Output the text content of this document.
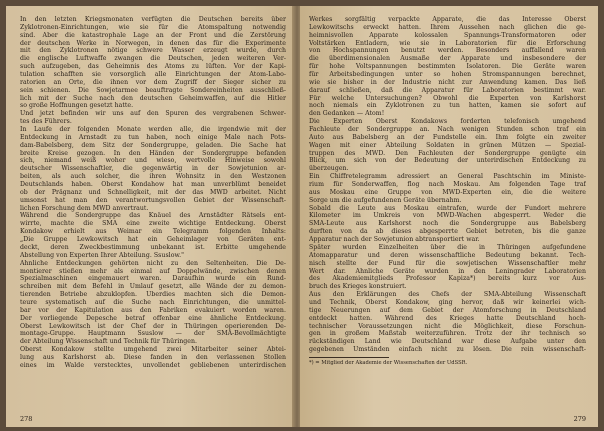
In den letzten Kriegsmonaten verfügten die Deutschen bereits über
Zyklotronen-Einrichtungen, wie sie für die Atomspaltung notwendig
sind. Aber die katastrophale Lage an der Front und die Zerstörung
der deutschen Werke in Norwegen, in denen das für die Experimente
mit den Zyklotronen nötige schwere Wasser erzeugt wurde, durch
die englische Luftwaffe zwangen die Deutschen, jeden weiteren Ver-
such aufzugeben, das Geheimnis des Atoms zu lüften. Vor der Kapi-
tulation schafften sie vorsorglich alle Einrichtungen der Atom-Labo-
ratorien an Orte, die ihnen vor dem Zugriff der Sieger sicher zu
sein schienen. Die Sowjetarmee beauftragte Sondereinheiten ausschließ-
lich mit der Suche nach den deutschen Geheimwaffen, auf die Hitler
so große Hoffnungen gesetzt hatte.
Und jetzt befinden wir uns auf den Spuren des vergrabenen Schwer-
tes des Führers.
In Laufe der folgenden Monate werden alle, die irgendwie mit der
Entdeckung in Arnstadt zu tun haben, noch einige Male nach Pots-
dam-Babelsberg, dem Sitz der Sondergruppe, geladen. Die Sache hat
breite Kreise gezogen. In den Händen der Sondergruppe befanden
sich, niemand weiß woher und wieso, wertvolle Hinweise sowohl
deutscher Wissenschaftler, die gegenwärtig in der Sowjetunion ar-
beiten, als auch solcher, die ihren Wohnsitz in den Westzonen
Deutschlands haben. Oberst Kondahow hat man unverblümt beneidet
ob der Prägnanz und Schnelligkeit, mit der das MWD arbeitet. Nicht
umsonst hat man den verantwortungsvollen Gebiet der Wissenschaft-
lichen Forschung dem MWD anvertraut.
Während die Sondergruppe das Knäuel des Arnstädter Rätsels ent-
wirrte, machte die SMA eine zweite wichtige Entdeckung. Oberst
Kondakow erhielt aus Weimar ein Telegramm folgenden Inhalts:
„Die Gruppe Lewkowitsch hat ein Geheimlager von Geräten ent-
deckt, deren Zweckbestimmung unbekannt ist. Erbitte umgehende
Abstellung von Experten Ihrer Abteilung. Ssuslow."
Ähnliche Entdeckungen gehörten nicht zu den Seltenheiten. Die De-
montierer stießen mehr als einmal auf Doppelwände, zwischen denen
Spezialmaschinen eingemauert waren. Daraufhin wurde ein Rund-
schreiben mit dem Befehl in Umlauf gesetzt, alle Wände der zu demon-
tierenden Betriebe abzuklopfen. Überdies machten sich die Demon-
teure systematisch auf die Suche nach Einrichtungen, die unmittel-
bar vor der Kapitulation aus den Fabriken evakuiert worden waren.
Der vorliegende Depesche betraf offenbar eine ähnliche Entdeckung.
Oberst Lewkowitsch ist der Chef der in Thüringen operierenden De-
montage-Gruppe. Hauptmann Ssuslow — der SMA-Bevollmächtigte
der Abteilung Wissenschaft und Technik für Thüringen.
Oberst Kondakow stellte umgehend zwei Mitarbeiter seiner Abtei-
lung aus Karlshorst ab. Diese fanden in den verlassenen Stollen
eines im Walde verstecktes, unvollendet gebliebenen unterirdischen
278
Werkes sorgfältig verpackte Apparate, die das Interesse Oberst
Lewkowitschs erweckt hatten. Ihrem Aussehen nach glichen die ge-
heimnisvollen Apparate kolossalen Spannungs-Transformatoren oder
Voltstärken Entladern, wie sie in Laboratorien für die Erforschung
von Hochspannungen benutzt werden. Besonders auffallend waren
die überdimensionalen Ausmaße der Apparate und insbesondere der
für hohe Voltspannungen bestimmten Isolatoren. Die Geräte waren
für Arbeitsbedingungen unter so hohen Stromspannungen berechnet,
wie sie bisher in der Industrie nicht zur Anwendung kamen. Das ließ
darauf schließen, daß die Apparatur für Laboratorien bestimmt war.
Für welche Untersuchungen? Obwohl die Experten von Karlshorst
noch niemals ein Zyklotronen zu tun hatten, kamen sie sofort auf
den Gedanken — Atom!
Die Experten Oberst Kondakows forderten telefonisch umgehend
Fachleute der Sondergruppe an. Nach wenigen Stunden schon traf ein
Auto aus Babelsberg an der Fundstelle ein. Ihm folgte ein zweiter
Wagen mit einer Abteilung Soldaten in grünen Mützen — Spezial-
truppen des MWD. Den Fachleuten der Sondergruppe genügte ein
Blick, um sich von der Bedeutung der unterirdischen Entdeckung zu
überzeugen.
Ein Chiffretelegramm adressiert an General Paschtschin im Ministe-
rium für Sonderwaffen, flog nach Moskau. Am folgenden Tage traf
aus Moskau eine Gruppe von MWD-Experten ein, die die weitere
Sorge um die aufgefundenen Geräte übernahm.
Sobald die Leute aus Moskau eintrafen, wurde der Fundort mehrere
Kilometer im Umkreis von MWD-Wachen abgesperrt. Weder die
SMA-Leute aus Karlshorst noch die Sondergruppe aus Babelsberg
durften von da ab dieses abgesperrte Gebiet betreten, bis die ganze
Apparatur nach der Sowjetunion abtransportiert war.
Später wurden Einzelheiten über die in Thüringen aufgefundene
Atomapparatur und deren wissenschaftliche Bedeutung bekannt. Tech-
nisch stellte der Fund für die sowjetischen Wissenschaftler mehr
Wert dar. Ähnliche Geräte wurden in den Leningrader Laboratorien
des Akademiemitglieds Professor Kapiza*) bereits kurz vor Aus-
bruch des Krieges konstruiert.
Aus den Erklärungen des Chefs der SMA-Abteilung Wissenschaft
und Technik, Oberst Kondakow, ging hervor, daß wir keinerlei wich-
tige Neuerungen auf dem Gebiet der Atomforschung in Deutschland
entdeckt hatten. Während des Krieges hatte Deutschland hoch-
technischer Voraussetzungen nicht die Möglichkeit, diese Forschun-
gen in großem Maßstab weiterzuführen. Trotz der ihr technisch so
rückständigen Land wie Deutschland war diese Aufgabe unter den
gegebenen Umständen einfach nicht zu lösen. Die rein wissenschaft-
*) = Mitglied der Akademie der Wissenschaften der UdSSR.
279
